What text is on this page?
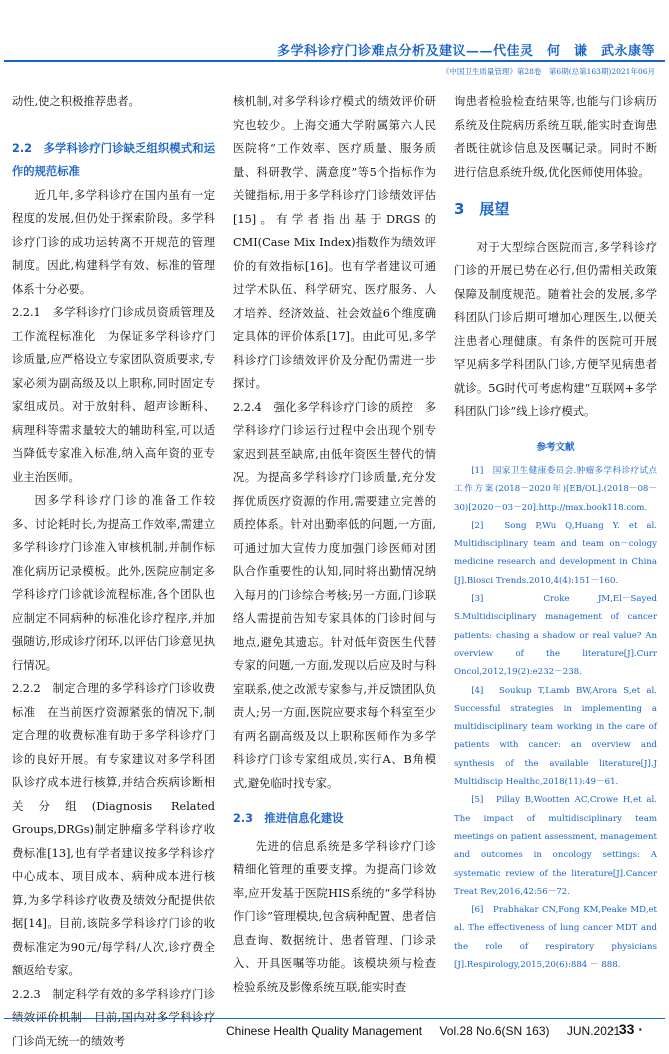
多学科诊疗门诊难点分析及建议——代佳灵　何　谦　武永康等
《中国卫生质量管理》第28卷　第6期(总第163期)2021年06月

动性,使之积极推荐患者。

2.2　多学科诊疗门诊缺乏组织模式和运作的规范标准

近几年,多学科诊疗在国内虽有一定程度的发展,但仍处于探索阶段。多学科诊疗门诊的成功运转离不开规范的管理制度。因此,构建科学有效、标准的管理体系十分必要。

2.2.1　多学科诊疗门诊成员资质管理及工作流程标准化　为保证多学科诊疗门诊质量,应严格设立专家团队资质要求,专家必须为副高级及以上职称,同时固定专家组成员。对于放射科、超声诊断科、病理科等需求量较大的辅助科室,可以适当降低专家准入标准,纳入高年资的亚专业主治医师。

因多学科诊疗门诊的准备工作较多、讨论耗时长,为提高工作效率,需建立多学科诊疗门诊准入审核机制,并制作标准化病历记录模板。此外,医院应制定多学科诊疗门诊就诊流程标准,各个团队也应制定不同病种的标准化诊疗程序,并加强随访,形成诊疗闭环,以评估门诊意见执行情况。

2.2.2　制定合理的多学科诊疗门诊收费标准　在当前医疗资源紧张的情况下,制定合理的收费标准有助于多学科诊疗门诊的良好开展。有专家建议对多学科团队诊疗成本进行核算,并结合疾病诊断相关分组(Diagnosis Related Groups,DRGs)制定肿瘤多学科诊疗收费标准[13],也有学者建议按多学科诊疗中心成本、项目成本、病种成本进行核算,为多学科诊疗收费及绩效分配提供依据[14]。目前,该院多学科诊疗门诊的收费标准定为90元/每学科/人次,诊疗费全额返给专家。

2.2.3　制定科学有效的多学科诊疗门诊绩效评价机制　目前,国内对多学科诊疗门诊尚无统一的绩效考

核机制,对多学科诊疗模式的绩效评价研究也较少。上海交通大学附属第六人民医院将“工作效率、医疗质量、服务质量、科研教学、满意度”等5个指标作为关键指标,用于多学科诊疗门诊绩效评估[15]。有学者指出基于DRGS的CMI(Case Mix Index)指数作为绩效评价的有效指标[16]。也有学者建议可通过学术队伍、科学研究、医疗服务、人才培养、经济效益、社会效益6个维度确定具体的评价体系[17]。由此可见,多学科诊疗门诊绩效评价及分配仍需进一步探讨。

2.2.4　强化多学科诊疗门诊的质控　多学科诊疗门诊运行过程中会出现个别专家迟到甚至缺席,由低年资医生替代的情况。为提高多学科诊疗门诊质量,充分发挥优质医疗资源的作用,需要建立完善的质控体系。针对出勤率低的问题,一方面,可通过加大宣传力度加强门诊医师对团队合作重要性的认知,同时将出勤情况纳入每月的门诊综合考核;另一方面,门诊联络人需提前告知专家具体的门诊时间与地点,避免其遗忘。针对低年资医生代替专家的问题,一方面,发现以后应及时与科室联系,使之改派专家参与,并反馈团队负责人;另一方面,医院应要求每个科室至少有两名副高级及以上职称医师作为多学科诊疗门诊专家组成员,实行A、B角模式,避免临时找专家。

2.3　推进信息化建设

先进的信息系统是多学科诊疗门诊精细化管理的重要支撑。为提高门诊效率,应开发基于医院HIS系统的“多学科协作门诊”管理模块,包含病种配置、患者信息查询、数据统计、患者管理、门诊录入、开具医嘱等功能。该模块须与检查检验系统及影像系统互联,能实时查

询患者检验检查结果等,也能与门诊病历系统及住院病历系统互联,能实时查询患者既往就诊信息及医嘱记录。同时不断进行信息系统升级,优化医师使用体验。

3　展望

对于大型综合医院而言,多学科诊疗门诊的开展已势在必行,但仍需相关政策保障及制度规范。随着社会的发展,多学科团队门诊后期可增加心理医生,以便关注患者心理健康。有条件的医院可开展罕见病多学科团队门诊,方便罕见病患者就诊。5G时代可考虑构建“互联网+多学科团队门诊”线上诊疗模式。

参考文献

[1]　国家卫生健康委员会.肿瘤多学科诊疗试点工作方案(2018－2020年)[EB/OL].(2018－08－30)[2020－03－20].http://max.book118.com.

[2]　Song P,Wu Q,Huang Y. et al. Multidisciplinary team and team on－cology medicine research and development in China [J].Biosci Trends.2010,4(4):151－160.

[3]　Croke JM,El－Sayed S.Multidisciplinary management of cancer patients: chasing a shadow or real value? An overview of the literature[J].Curr Oncol,2012,19(2):e232－238.

[4]　Soukup T,Lamb BW,Arora S,et al. Successful strategies in implementing a multidisciplinary team working in the care of patients with cancer: an overview and synthesis of the available literature[J].J Multidiscip Healthc,2018(11):49－61.

[5]　Pillay B,Wootten AC,Crowe H,et al. The impact of multidisciplinary team meetings on patient assessment, management and outcomes in oncology settings: A systematic review of the literature[J].Cancer Treat Rev,2016,42:56－72.

[6]　Prabhakar CN,Fong KM,Peake MD,et al. The effectiveness of lung cancer MDT and the role of respiratory physicians [J].Respirology,2015,20(6):884 － 888.

Chinese Health Quality Management Vol.28 No.6(SN 163) JUN.2021
· 33 ·
